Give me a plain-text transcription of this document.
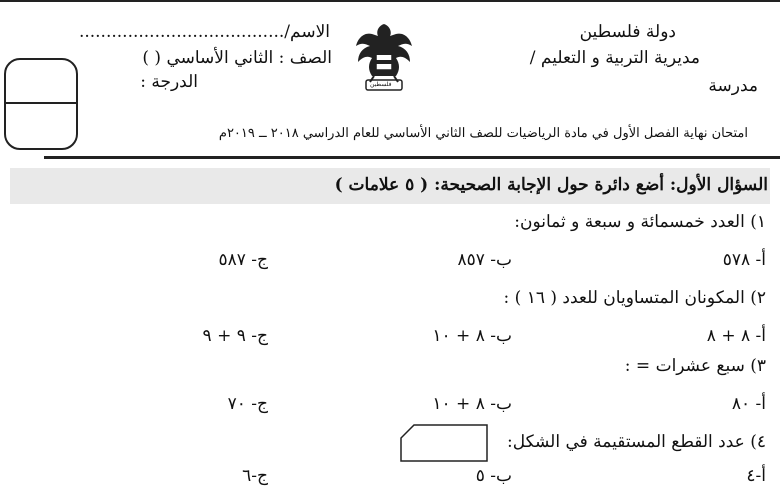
دولة فلسطين
مديرية التربية و التعليم /
مدرسة
فلسطين
الاسم/......................................
الصف : الثاني الأساسي ( )
الدرجة :
امتحان نهاية الفصل الأول في مادة الرياضيات للصف الثاني الأساسي للعام الدراسي ٢٠١٨ ــ ٢٠١٩م
السؤال الأول: أضع دائرة حول الإجابة الصحيحة: ( ٥ علامات )
١) العدد خمسمائة و سبعة و ثمانون:
أ- ٥٧٨
ب- ٨٥٧
ج- ٥٨٧
٢) المكونان المتساويان للعدد ( ١٦ ) :
أ- ٨ + ٨
ب- ٨ + ١٠
ج- ٩ + ٩
٣) سبع عشرات = :
أ- ٨٠
ب- ٨ + ١٠
ج- ٧٠
٤) عدد القطع المستقيمة في الشكل:
أ-٤
ب- ٥
ج-٦
